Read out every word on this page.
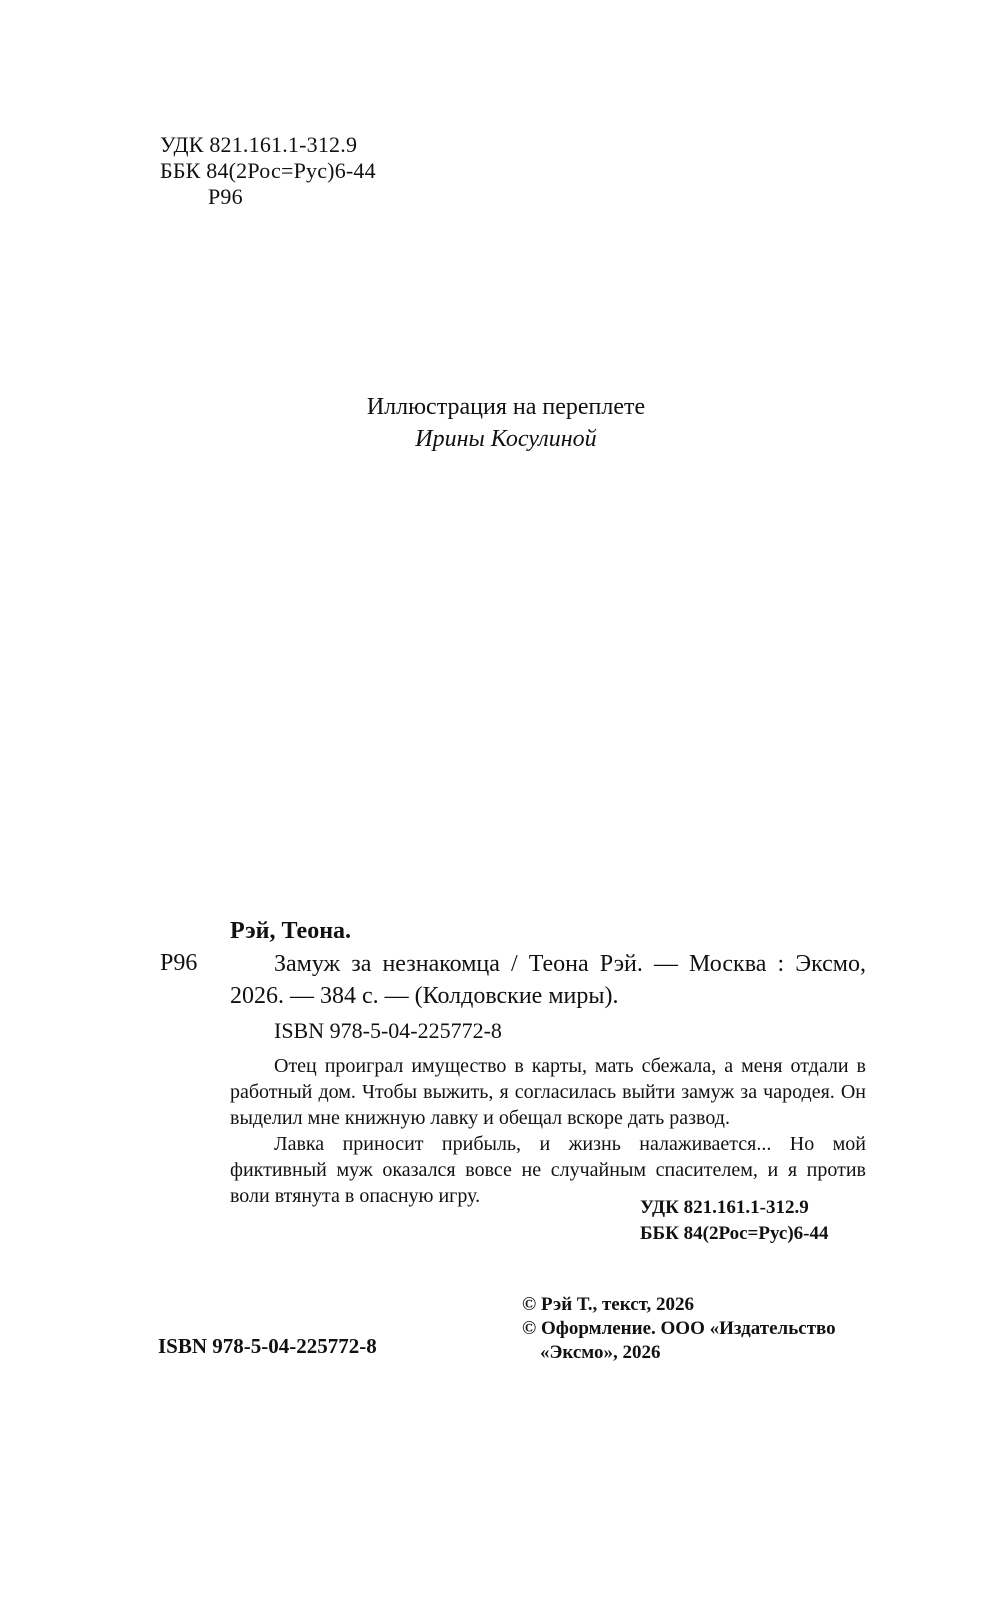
УДК 821.161.1-312.9
ББК 84(2Рос=Рус)6-44
Р96
Иллюстрация на переплете
Ирины Косулиной
Рэй, Теона.
Р96	Замуж за незнакомца / Теона Рэй. — Москва : Эксмо, 2026. — 384 с. — (Колдовские миры).
ISBN 978-5-04-225772-8
Отец проиграл имущество в карты, мать сбежала, а меня отдали в работный дом. Чтобы выжить, я согласилась выйти замуж за чародея. Он выделил мне книжную лавку и обещал вскоре дать развод.
Лавка приносит прибыль, и жизнь налаживается... Но мой фиктивный муж оказался вовсе не случайным спасителем, и я против воли втянута в опасную игру.
УДК 821.161.1-312.9
ББК 84(2Рос=Рус)6-44
ISBN 978-5-04-225772-8
© Рэй Т., текст, 2026
© Оформление. ООО «Издательство
«Эксмо», 2026
